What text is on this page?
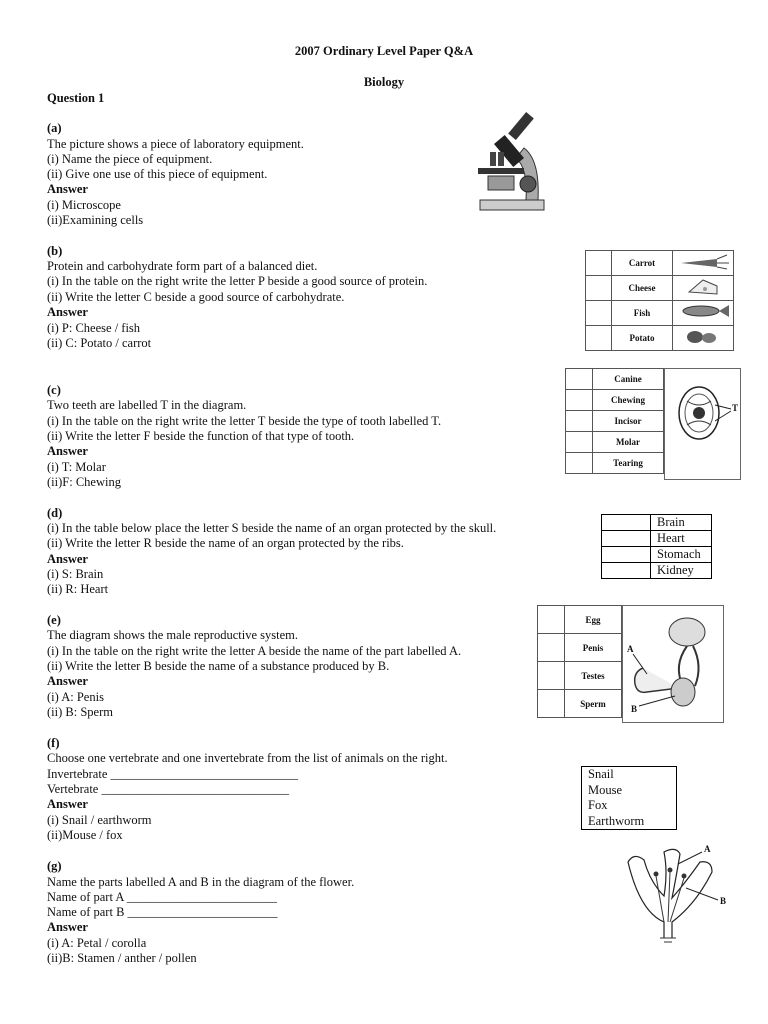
2007 Ordinary Level Paper Q&A
Biology
Question 1
(a)
The picture shows a piece of laboratory equipment.
(i) Name the piece of equipment.
(ii) Give one use of this piece of equipment.
Answer
(i) Microscope
(ii)Examining cells
(b)
Protein and carbohydrate form part of a balanced diet.
(i) In the table on the right write the letter P beside a good source of protein.
(ii) Write the letter C beside a good source of carbohydrate.
Answer
(i) P: Cheese / fish
(ii) C: Potato / carrot
	Carrot	
	Cheese	
	Fish	
	Potato	
(c)
Two teeth are labelled T in the diagram.
(i) In the table on the right write the letter T beside the type of tooth labelled T.
(ii) Write the letter F beside the function of that type of tooth.
Answer
(i) T: Molar
(ii)F: Chewing
	Canine
	Chewing
	Incisor
	Molar
	Tearing
T
(d)
(i) In the table below place the letter S beside the name of an organ protected by the skull.
(ii) Write the letter R beside the name of an organ protected by the ribs.
Answer
(i) S: Brain
(ii) R: Heart
	Brain
	Heart
	Stomach
	Kidney
(e)
The diagram shows the male reproductive system.
(i) In the table on the right write the letter A beside the name of the part labelled A.
(ii) Write the letter B beside the name of a substance produced by B.
Answer
(i) A: Penis
(ii) B: Sperm
	Egg
	Penis
	Testes
	Sperm
A
B
(f)
Choose one vertebrate and one invertebrate from the list of animals on the right.
Invertebrate ______________________________
Vertebrate ______________________________
Answer
(i) Snail / earthworm
(ii)Mouse / fox
Snail
Mouse
Fox
Earthworm
(g)
Name the parts labelled A and B in the diagram of the flower.
Name of part A ________________________
Name of part B ________________________
Answer
(i) A: Petal / corolla
(ii)B: Stamen / anther / pollen
A
B
